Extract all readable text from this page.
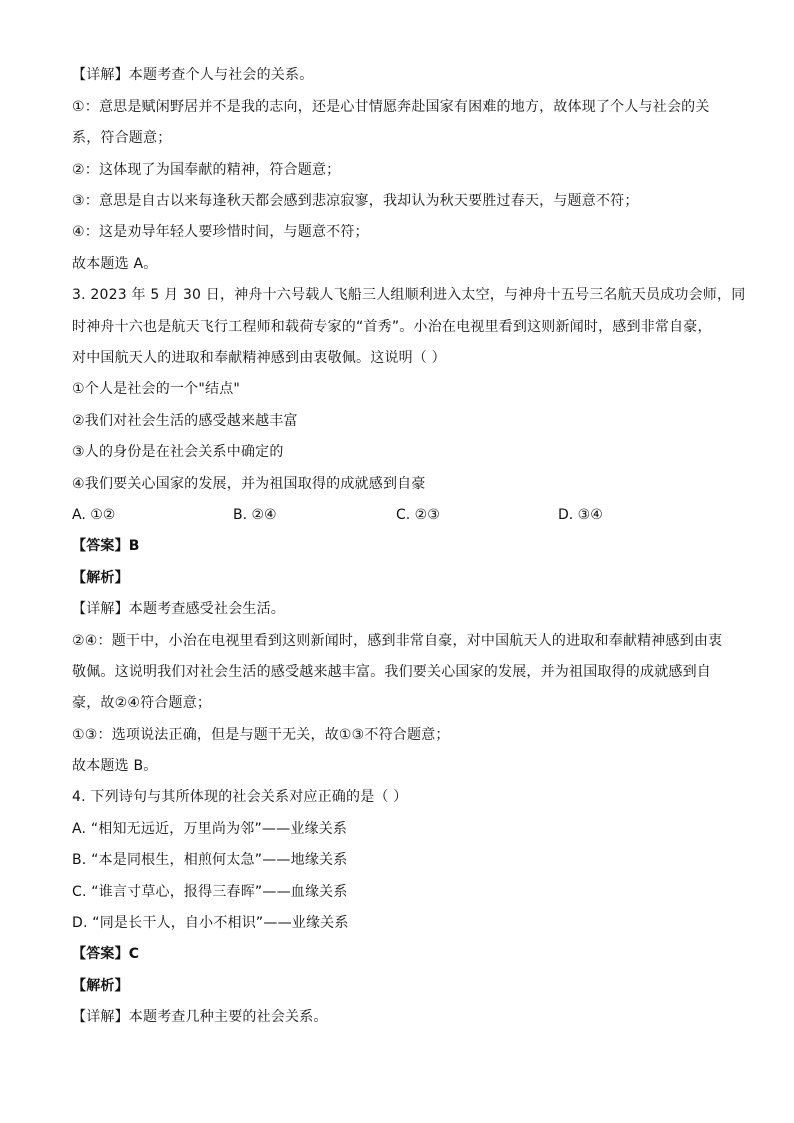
【详解】本题考查个人与社会的关系。
①：意思是赋闲野居并不是我的志向，还是心甘情愿奔赴国家有困难的地方，故体现了个人与社会的关
系，符合题意；
②：这体现了为国奉献的精神，符合题意；
③：意思是自古以来每逢秋天都会感到悲凉寂寥，我却认为秋天要胜过春天，与题意不符；
④：这是劝导年轻人要珍惜时间，与题意不符；
故本题选 A。
3. 2023 年 5 月 30 日，神舟十六号载人飞船三人组顺利进入太空，与神舟十五号三名航天员成功会师，同
时神舟十六也是航天飞行工程师和载荷专家的“首秀”。小治在电视里看到这则新闻时，感到非常自豪，
对中国航天人的进取和奉献精神感到由衷敬佩。这说明（ ）
①个人是社会的一个"结点"
②我们对社会生活的感受越来越丰富
③人的身份是在社会关系中确定的
④我们要关心国家的发展，并为祖国取得的成就感到自豪
A. ①②	B. ②④	C. ②③	D. ③④
【答案】B
【解析】
【详解】本题考查感受社会生活。
②④：题干中，小治在电视里看到这则新闻时，感到非常自豪，对中国航天人的进取和奉献精神感到由衷
敬佩。这说明我们对社会生活的感受越来越丰富。我们要关心国家的发展，并为祖国取得的成就感到自
豪，故②④符合题意；
①③：选项说法正确，但是与题干无关，故①③不符合题意；
故本题选 B。
4. 下列诗句与其所体现的社会关系对应正确的是（ ）
A. “相知无远近，万里尚为邻”——业缘关系
B. “本是同根生，相煎何太急”——地缘关系
C. “谁言寸草心，报得三春晖”——血缘关系
D. “同是长干人，自小不相识”——业缘关系
【答案】C
【解析】
【详解】本题考查几种主要的社会关系。
